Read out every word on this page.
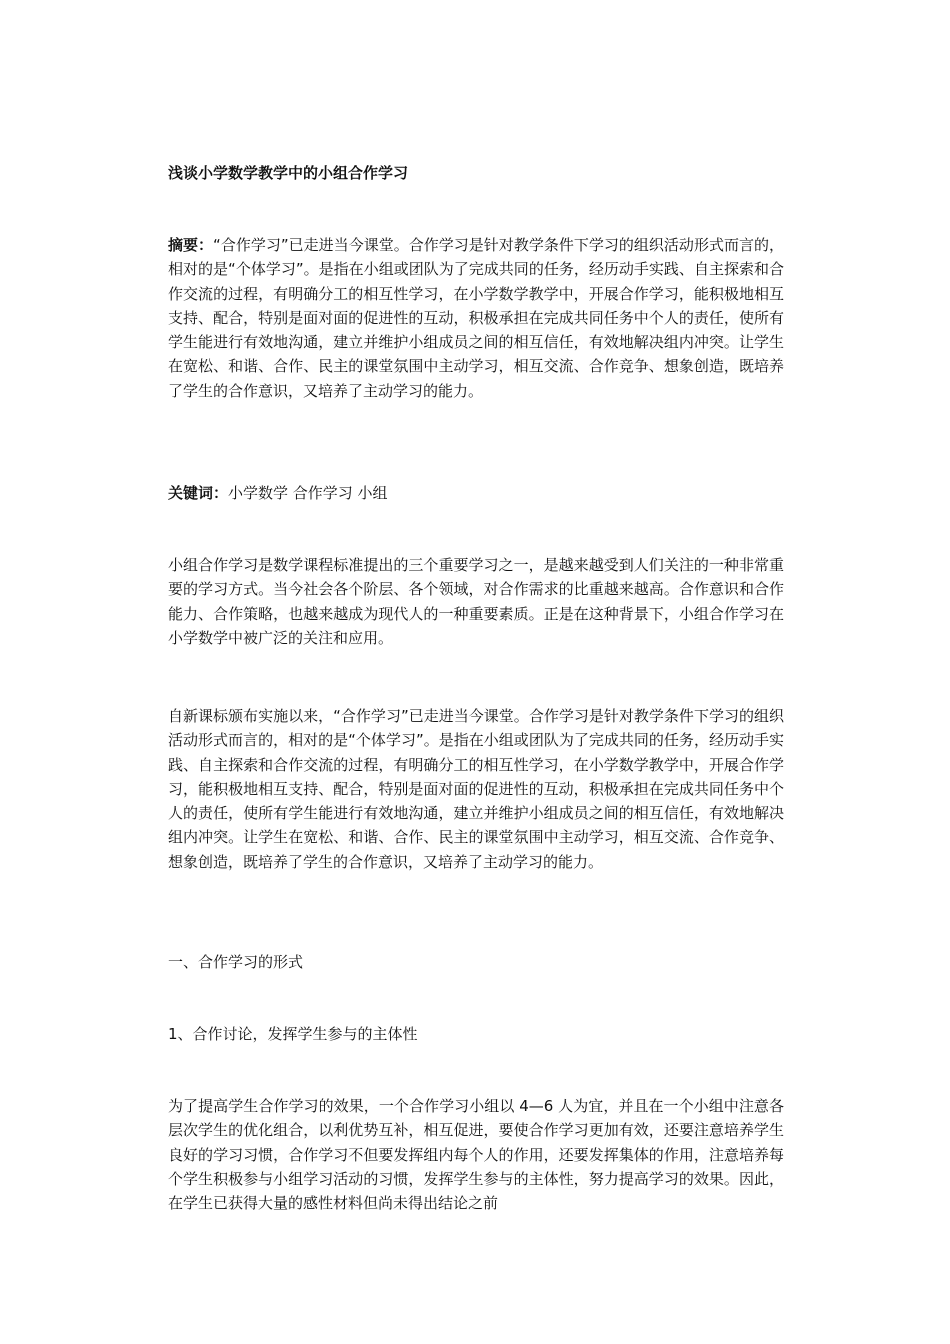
浅谈小学数学教学中的小组合作学习

摘要：“合作学习”已走进当今课堂。合作学习是针对教学条件下学习的组织活动形式而言的，相对的是“个体学习”。是指在小组或团队为了完成共同的任务，经历动手实践、自主探索和合作交流的过程，有明确分工的相互性学习，在小学数学教学中，开展合作学习，能积极地相互支持、配合，特别是面对面的促进性的互动，积极承担在完成共同任务中个人的责任，使所有学生能进行有效地沟通，建立并维护小组成员之间的相互信任，有效地解决组内冲突。让学生在宽松、和谐、合作、民主的课堂氛围中主动学习，相互交流、合作竞争、想象创造，既培养了学生的合作意识，又培养了主动学习的能力。

关键词：小学数学 合作学习 小组

小组合作学习是数学课程标准提出的三个重要学习之一，是越来越受到人们关注的一种非常重要的学习方式。当今社会各个阶层、各个领域，对合作需求的比重越来越高。合作意识和合作能力、合作策略，也越来越成为现代人的一种重要素质。正是在这种背景下，小组合作学习在小学数学中被广泛的关注和应用。

自新课标颁布实施以来，“合作学习”已走进当今课堂。合作学习是针对教学条件下学习的组织活动形式而言的，相对的是“个体学习”。是指在小组或团队为了完成共同的任务，经历动手实践、自主探索和合作交流的过程，有明确分工的相互性学习，在小学数学教学中，开展合作学习，能积极地相互支持、配合，特别是面对面的促进性的互动，积极承担在完成共同任务中个人的责任，使所有学生能进行有效地沟通，建立并维护小组成员之间的相互信任，有效地解决组内冲突。让学生在宽松、和谐、合作、民主的课堂氛围中主动学习，相互交流、合作竞争、想象创造，既培养了学生的合作意识，又培养了主动学习的能力。

一、合作学习的形式
1、合作讨论，发挥学生参与的主体性

为了提高学生合作学习的效果，一个合作学习小组以 4—6 人为宜，并且在一个小组中注意各层次学生的优化组合，以利优势互补，相互促进，要使合作学习更加有效，还要注意培养学生良好的学习习惯，合作学习不但要发挥组内每个人的作用，还要发挥集体的作用，注意培养每个学生积极参与小组学习活动的习惯，发挥学生参与的主体性，努力提高学习的效果。因此，在学生已获得大量的感性材料但尚未得出结论之前
